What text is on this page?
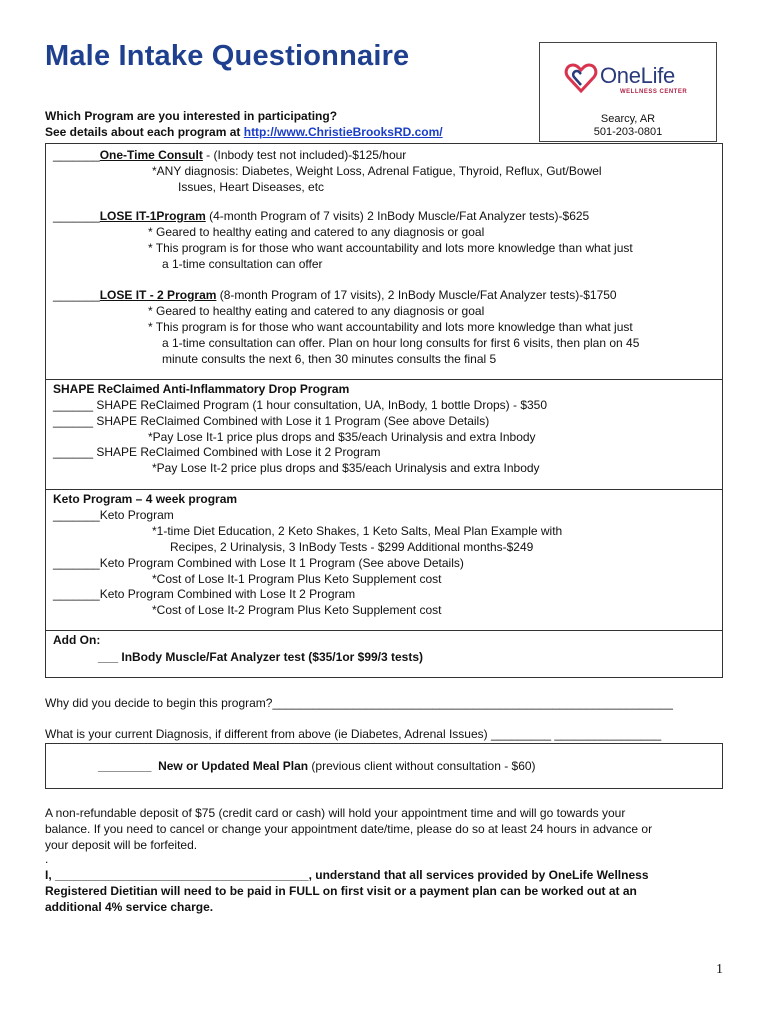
Male Intake Questionnaire
OneLife
WELLNESS CENTER
Searcy, AR
501-203-0801
Which Program are you interested in participating?
See details about each program at http://www.ChristieBrooksRD.com/
_______One-Time Consult - (Inbody test not included)-$125/hour
*ANY diagnosis: Diabetes, Weight Loss, Adrenal Fatigue, Thyroid, Reflux, Gut/Bowel
Issues, Heart Diseases, etc
_______LOSE IT-1Program (4-month Program of 7 visits) 2 InBody Muscle/Fat Analyzer tests)-$625
* Geared to healthy eating and catered to any diagnosis or goal
* This program is for those who want accountability and lots more knowledge than what just
a 1-time consultation can offer
_______LOSE IT - 2 Program (8-month Program of 17 visits), 2 InBody Muscle/Fat Analyzer tests)-$1750
* Geared to healthy eating and catered to any diagnosis or goal
* This program is for those who want accountability and lots more knowledge than what just
a 1-time consultation can offer. Plan on hour long consults for first 6 visits, then plan on 45
minute consults the next 6, then 30 minutes consults the final 5
SHAPE ReClaimed Anti-Inflammatory Drop Program
______ SHAPE ReClaimed Program (1 hour consultation, UA, InBody, 1 bottle Drops) - $350
______ SHAPE ReClaimed Combined with Lose it 1 Program (See above Details)
*Pay Lose It-1 price plus drops and $35/each Urinalysis and extra Inbody
______ SHAPE ReClaimed Combined with Lose it 2 Program
*Pay Lose It-2 price plus drops and $35/each Urinalysis and extra Inbody
Keto Program – 4 week program
_______Keto Program
*1-time Diet Education, 2 Keto Shakes, 1 Keto Salts, Meal Plan Example with
Recipes, 2 Urinalysis, 3 InBody Tests - $299 Additional months-$249
_______Keto Program Combined with Lose It 1 Program (See above Details)
*Cost of Lose It-1 Program Plus Keto Supplement cost
_______Keto Program Combined with Lose It 2 Program
*Cost of Lose It-2 Program Plus Keto Supplement cost
Add On:
___ InBody Muscle/Fat Analyzer test ($35/1or $99/3 tests)
Why did you decide to begin this program?____________________________________________________________
What is your current Diagnosis, if different from above (ie Diabetes, Adrenal Issues) _________ ________________
________ New or Updated Meal Plan (previous client without consultation - $60)
A non-refundable deposit of $75 (credit card or cash) will hold your appointment time and will go towards your
balance. If you need to cancel or change your appointment date/time, please do so at least 24 hours in advance or
your deposit will be forfeited.
.
I, ______________________________________, understand that all services provided by OneLife Wellness
Registered Dietitian will need to be paid in FULL on first visit or a payment plan can be worked out at an
additional 4% service charge.
1
